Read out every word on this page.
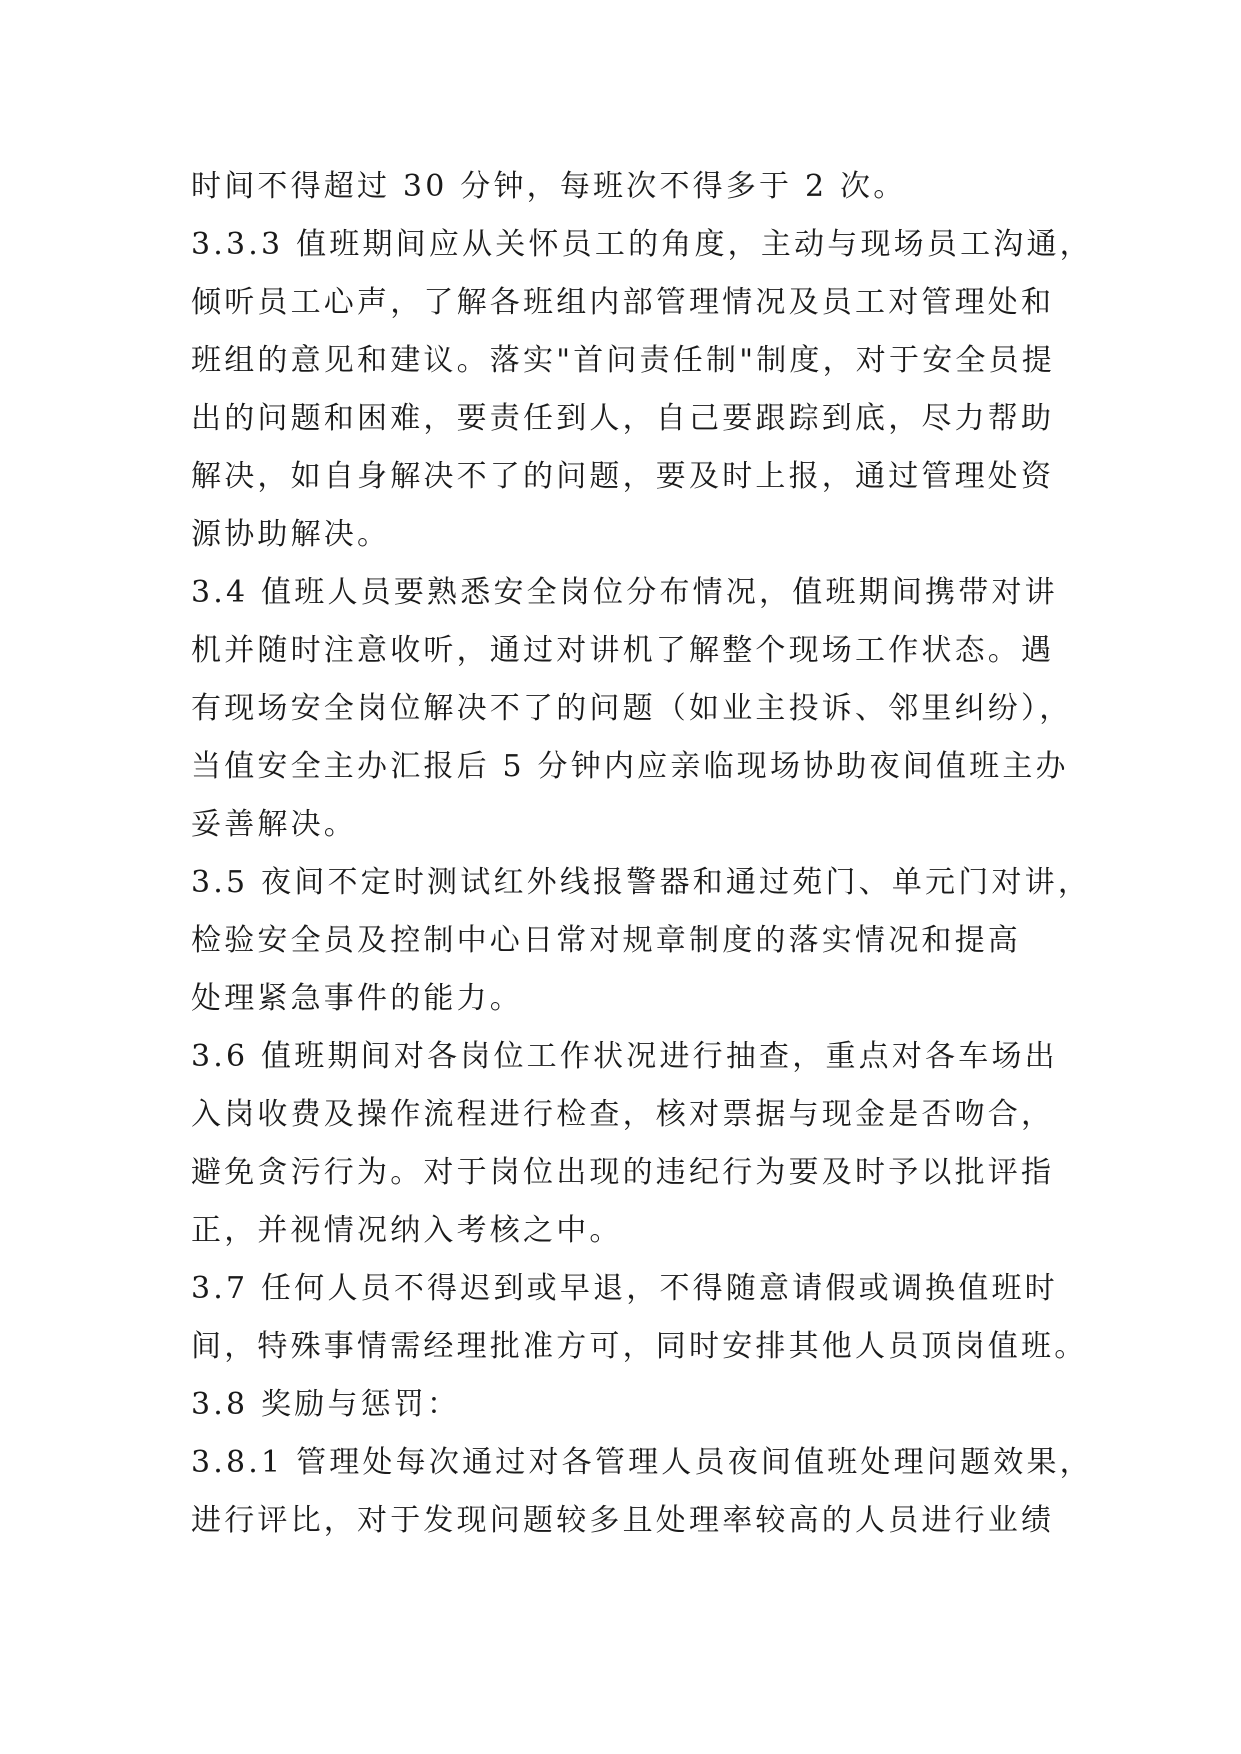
时间不得超过 30 分钟，每班次不得多于 2 次。
3.3.3 值班期间应从关怀员工的角度，主动与现场员工沟通，
倾听员工心声，了解各班组内部管理情况及员工对管理处和
班组的意见和建议。落实"首问责任制"制度，对于安全员提
出的问题和困难，要责任到人，自己要跟踪到底，尽力帮助
解决，如自身解决不了的问题，要及时上报，通过管理处资
源协助解决。
3.4 值班人员要熟悉安全岗位分布情况，值班期间携带对讲
机并随时注意收听，通过对讲机了解整个现场工作状态。遇
有现场安全岗位解决不了的问题（如业主投诉、邻里纠纷），
当值安全主办汇报后 5 分钟内应亲临现场协助夜间值班主办
妥善解决。
3.5 夜间不定时测试红外线报警器和通过苑门、单元门对讲，
检验安全员及控制中心日常对规章制度的落实情况和提高
处理紧急事件的能力。
3.6 值班期间对各岗位工作状况进行抽查，重点对各车场出
入岗收费及操作流程进行检查，核对票据与现金是否吻合，
避免贪污行为。对于岗位出现的违纪行为要及时予以批评指
正，并视情况纳入考核之中。
3.7 任何人员不得迟到或早退，不得随意请假或调换值班时
间，特殊事情需经理批准方可，同时安排其他人员顶岗值班。
3.8 奖励与惩罚：
3.8.1 管理处每次通过对各管理人员夜间值班处理问题效果，
进行评比，对于发现问题较多且处理率较高的人员进行业绩
